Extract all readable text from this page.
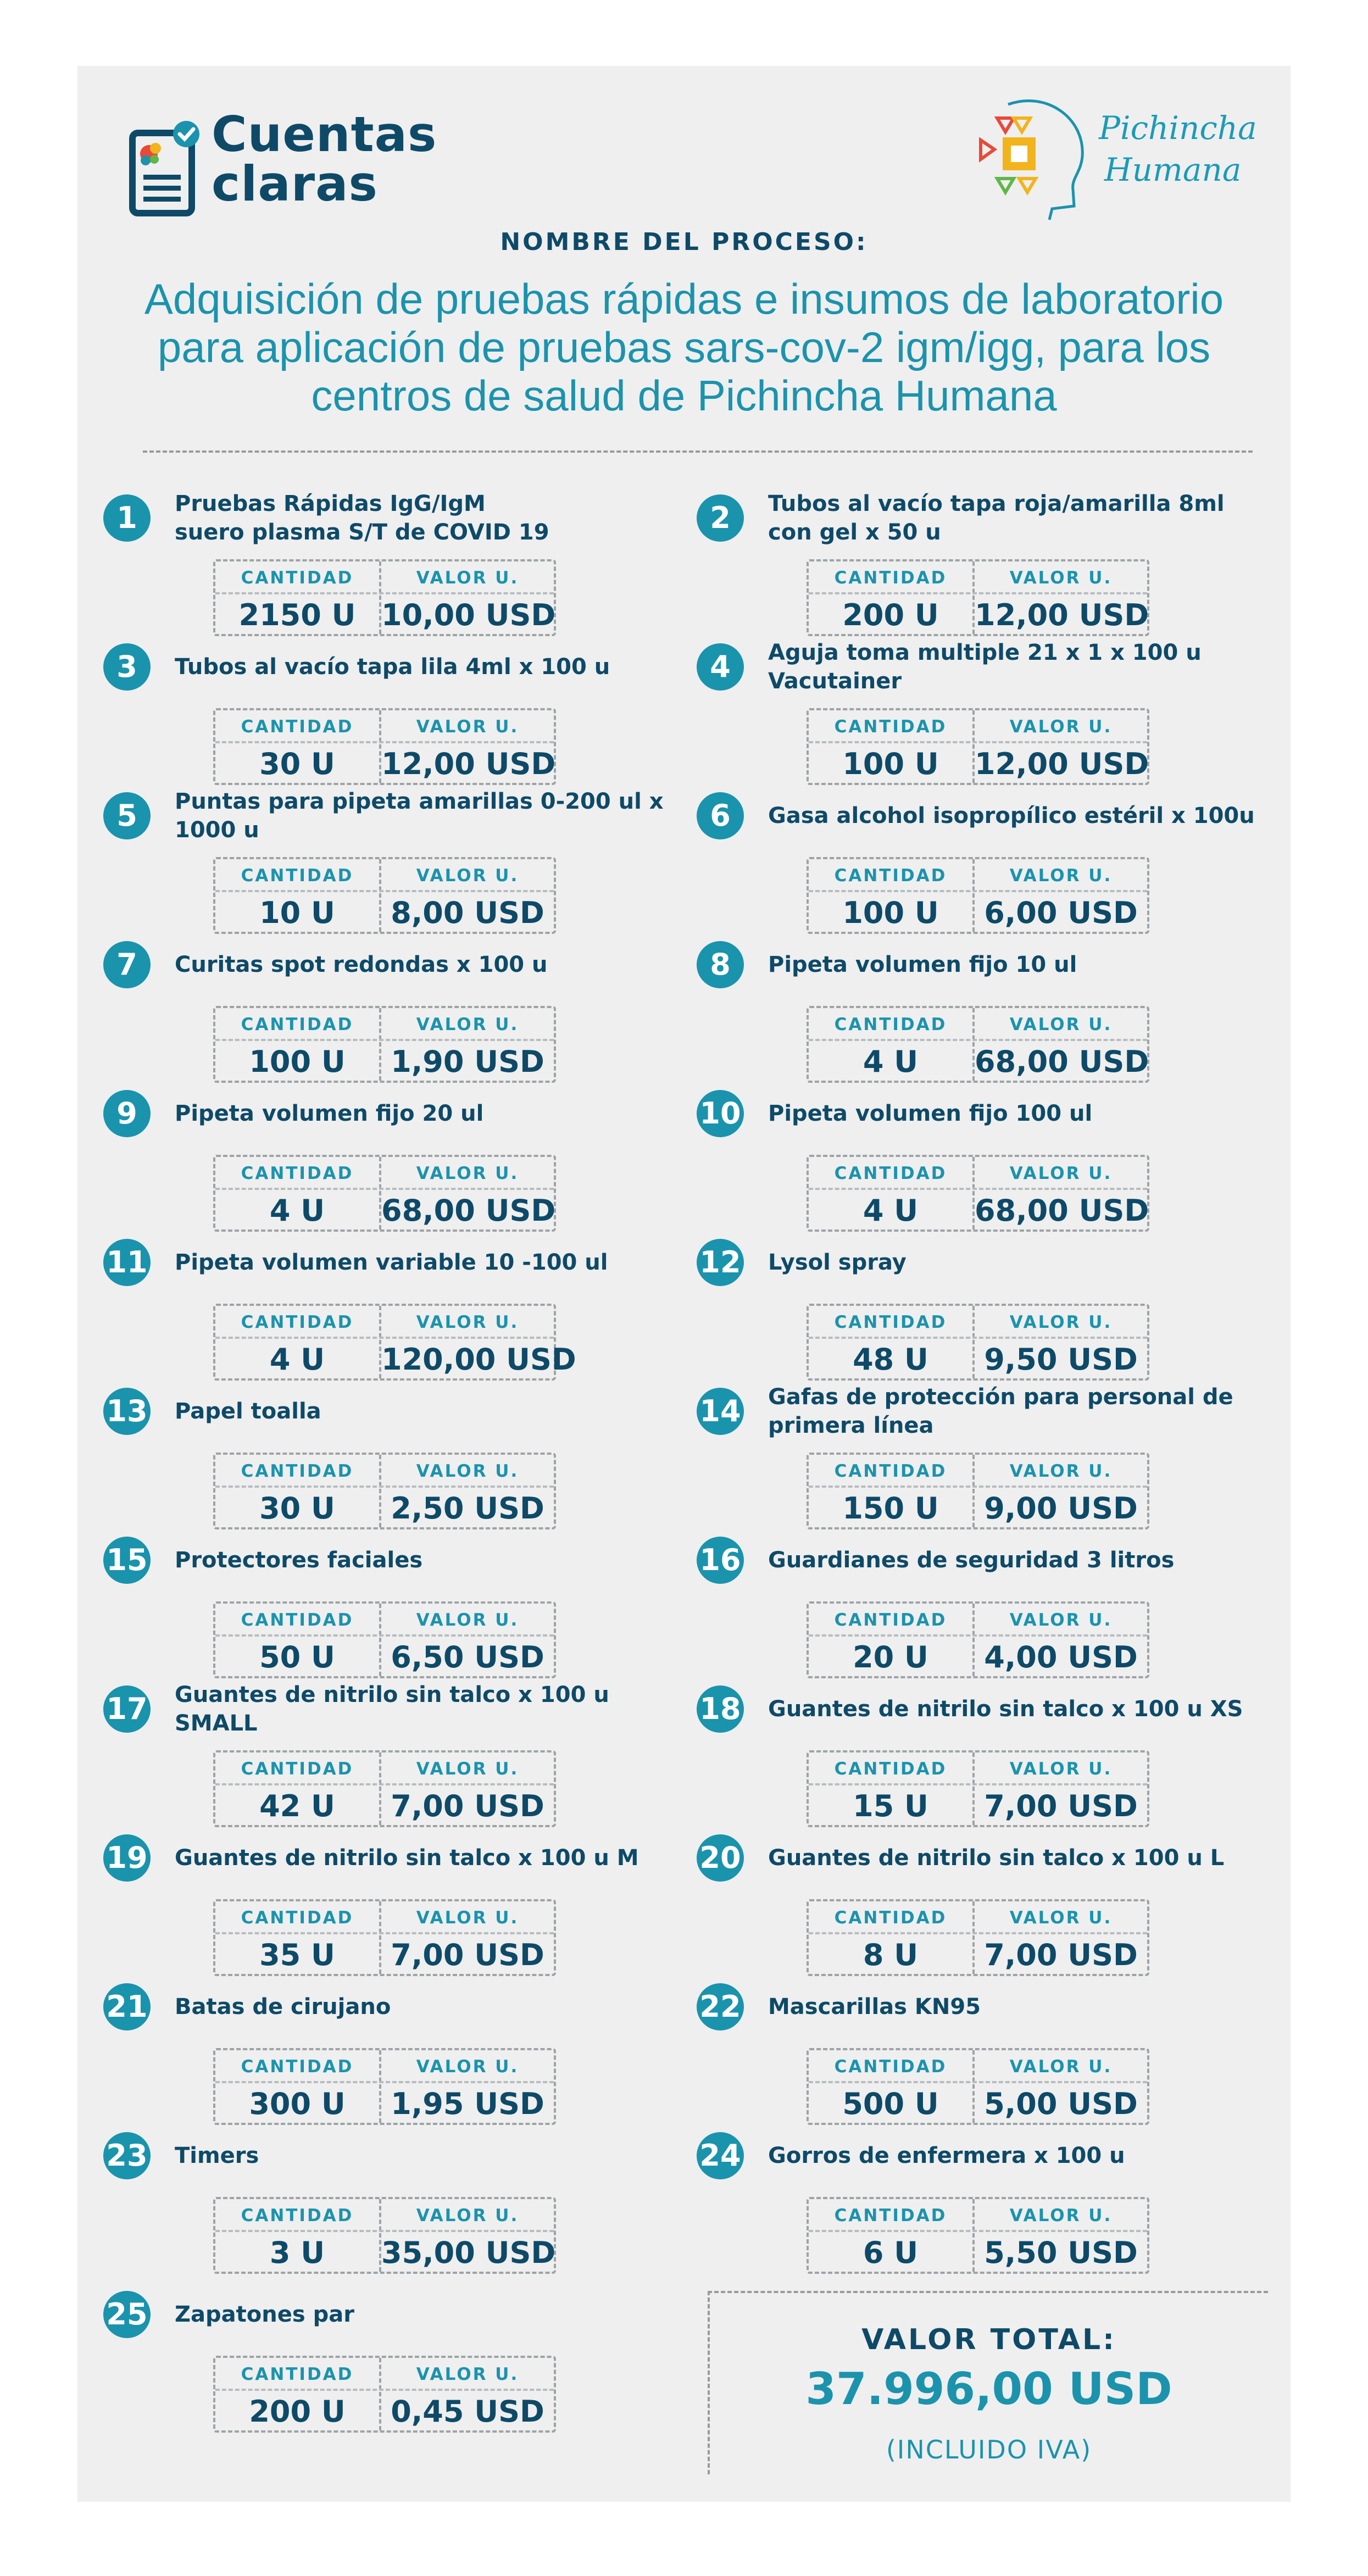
Cuentas
claras
Pichincha
Humana
NOMBRE DEL PROCESO:
Adquisición de pruebas rápidas e insumos de laboratorio para aplicación de pruebas sars-cov-2 igm/igg, para los centros de salud de Pichincha Humana
1	Pruebas Rápidas IgG/IgM
suero plasma S/T de COVID 19
CANTIDAD	VALOR U.
2150 U 10,00 USD
2	Tubos al vacío tapa roja/amarilla 8ml con gel x 50 u
CANTIDAD	VALOR U.
200 U	12,00 USD
3	Tubos al vacío tapa lila 4ml x 100 u
CANTIDAD	VALOR U.
30 U	12,00 USD
4	Aguja toma multiple 21 x 1 x 100 u Vacutainer
CANTIDAD	VALOR U.
100 U	12,00 USD
5	Puntas para pipeta amarillas 0-200 ul x 1000 u
CANTIDAD	VALOR U.
10 U	8,00 USD
6	Gasa alcohol isopropílico estéril x 100u
CANTIDAD	VALOR U.
100 U	6,00 USD
7	Curitas spot redondas x 100 u
CANTIDAD	VALOR U.
100 U	1,90 USD
8	Pipeta volumen fijo 10 ul
CANTIDAD	VALOR U.
4 U	68,00 USD
9	Pipeta volumen fijo 20 ul
CANTIDAD	VALOR U.
4 U	68,00 USD
10 Pipeta volumen fijo 100 ul
CANTIDAD	VALOR U.
4 U	68,00 USD
11 Pipeta volumen variable 10 -100 ul
CANTIDAD	VALOR U.
4 U	120,00 USD
12 Lysol spray
CANTIDAD	VALOR U.
48 U	9,50 USD
13 Papel toalla
CANTIDAD	VALOR U.
30 U	2,50 USD
14 Gafas de protección para personal de primera línea
CANTIDAD	VALOR U.
150 U	9,00 USD
15 Protectores faciales
CANTIDAD	VALOR U.
50 U	6,50 USD
16 Guardianes de seguridad 3 litros
CANTIDAD	VALOR U.
20 U	4,00 USD
17 Guantes de nitrilo sin talco x 100 u SMALL
CANTIDAD	VALOR U.
42 U	7,00 USD
18 Guantes de nitrilo sin talco x 100 u XS
CANTIDAD	VALOR U.
15 U	7,00 USD
19 Guantes de nitrilo sin talco x 100 u M
CANTIDAD	VALOR U.
35 U	7,00 USD
20 Guantes de nitrilo sin talco x 100 u L
CANTIDAD	VALOR U.
8 U	7,00 USD
21 Batas de cirujano
CANTIDAD	VALOR U.
300 U	1,95 USD
22 Mascarillas KN95
CANTIDAD	VALOR U.
500 U	5,00 USD
23 Timers
CANTIDAD	VALOR U.
3 U	35,00 USD
24 Gorros de enfermera x 100 u
CANTIDAD	VALOR U.
6 U	5,50 USD
25 Zapatones par
CANTIDAD	VALOR U.
200 U	0,45 USD
VALOR TOTAL:
37.996,00 USD
(INCLUIDO IVA)
